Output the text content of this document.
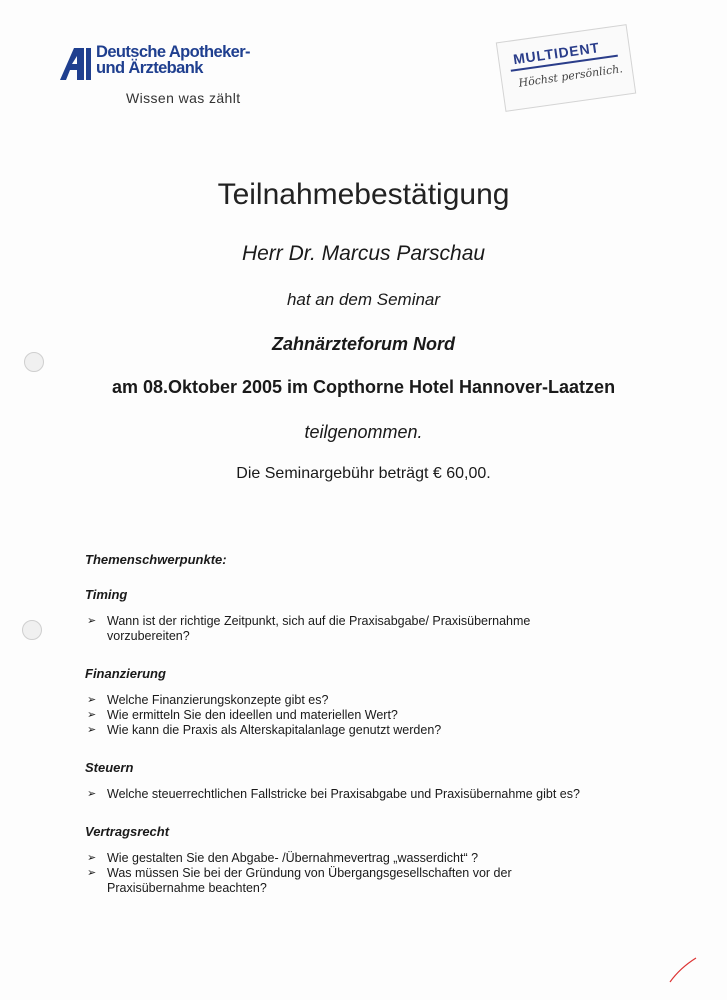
Deutsche Apotheker-
und Ärztebank
Wissen was zählt
MULTIDENT
Höchst persönlich.
Teilnahmebestätigung
Herr Dr. Marcus Parschau
hat an dem Seminar
Zahnärzteforum Nord
am 08.Oktober 2005 im Copthorne Hotel Hannover-Laatzen
teilgenommen.
Die Seminargebühr beträgt € 60,00.
Themenschwerpunkte:
Timing
➢ Wann ist der richtige Zeitpunkt, sich auf die Praxisabgabe/ Praxisübernahme
vorzubereiten?
Finanzierung
➢ Welche Finanzierungskonzepte gibt es?
➢ Wie ermitteln Sie den ideellen und materiellen Wert?
➢ Wie kann die Praxis als Alterskapitalanlage genutzt werden?
Steuern
➢ Welche steuerrechtlichen Fallstricke bei Praxisabgabe und Praxisübernahme gibt es?
Vertragsrecht
➢ Wie gestalten Sie den Abgabe- /Übernahmevertrag „wasserdicht“ ?
➢ Was müssen Sie bei der Gründung von Übergangsgesellschaften vor der
Praxisübernahme beachten?
